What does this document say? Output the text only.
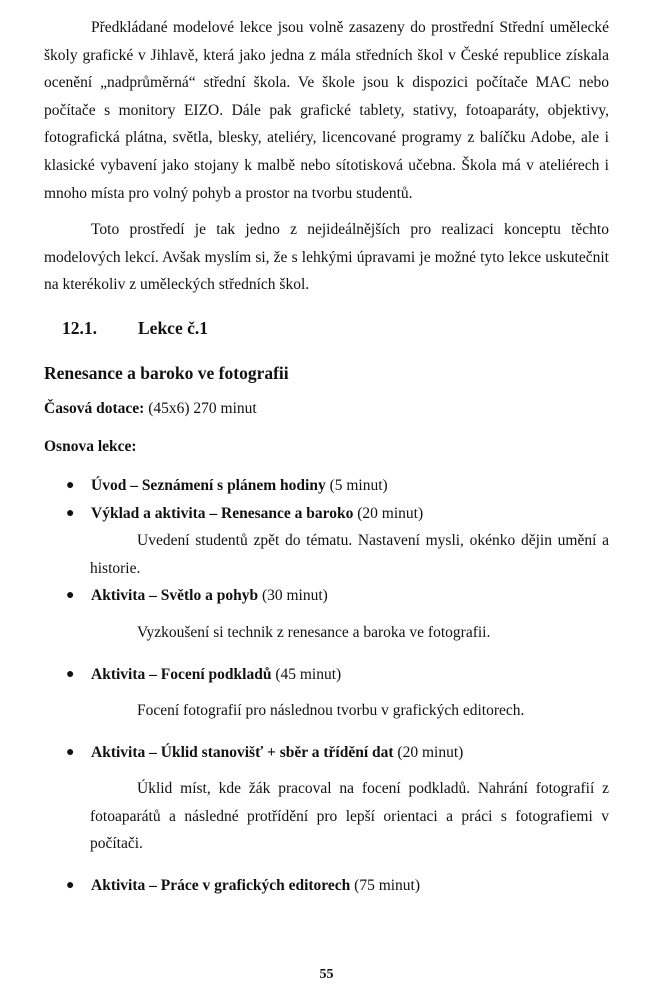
Předkládané modelové lekce jsou volně zasazeny do prostřední Střední umělecké školy grafické v Jihlavě, která jako jedna z mála středních škol v České republice získala ocenění „nadprůměrná“ střední škola. Ve škole jsou k dispozici počítače MAC nebo počítače s monitory EIZO. Dále pak grafické tablety, stativy, fotoaparáty, objektivy, fotografická plátna, světla, blesky, ateliéry, licencované programy z balíčku Adobe, ale i klasické vybavení jako stojany k malbě nebo sítotisková učebna. Škola má v ateliérech i mnoho místa pro volný pohyb a prostor na tvorbu studentů.

Toto prostředí je tak jedno z nejideálnějších pro realizaci konceptu těchto modelových lekcí. Avšak myslím si, že s lehkými úpravami je možné tyto lekce uskutečnit na kterékoliv z uměleckých středních škol.

12.1.	Lekce č.1
Renesance a baroko ve fotografii
Časová dotace: (45x6) 270 minut
Osnova lekce:
● Úvod – Seznámení s plánem hodiny (5 minut)
● Výklad a aktivita – Renesance a baroko (20 minut)

Uvedení studentů zpět do tématu. Nastavení mysli, okénko dějin umění a historie.

● Aktivita – Světlo a pohyb (30 minut)

Vyzkoušení si technik z renesance a baroka ve fotografii.

● Aktivita – Focení podkladů (45 minut)

Focení fotografií pro následnou tvorbu v grafických editorech.

● Aktivita – Úklid stanovišť + sběr a třídění dat (20 minut)

Úklid míst, kde žák pracoval na focení podkladů. Nahrání fotografií z fotoaparátů a následné protřídění pro lepší orientaci a práci s fotografiemi v počítači.

● Aktivita – Práce v grafických editorech (75 minut)
55
